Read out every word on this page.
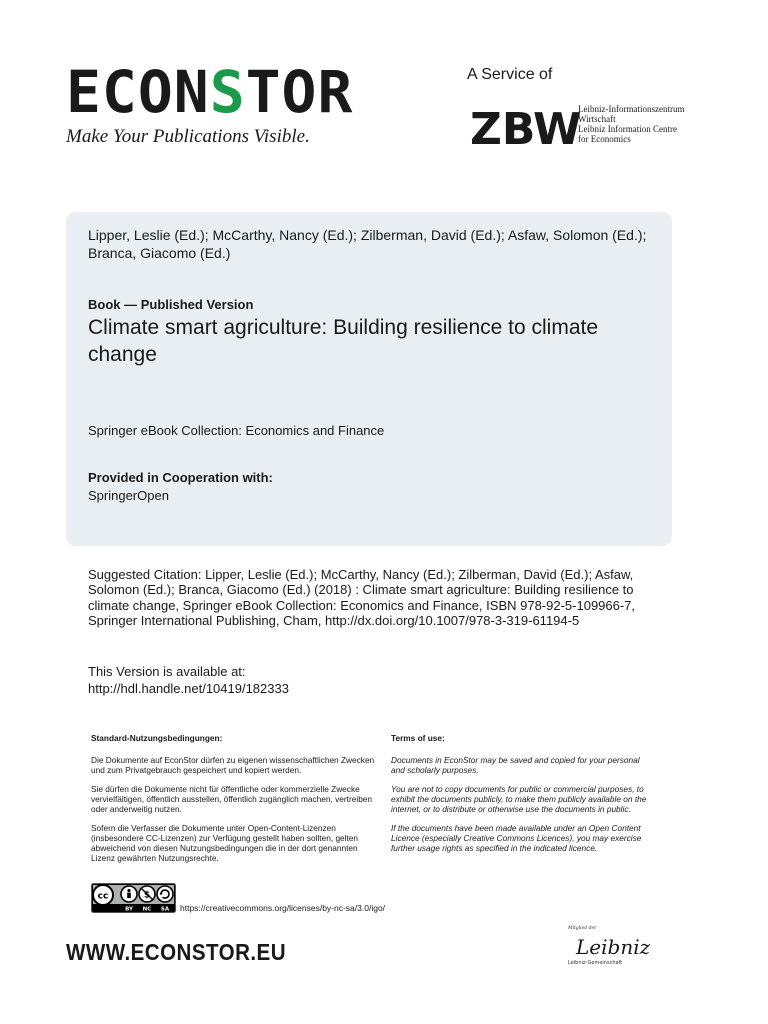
ECONSTOR
Make Your Publications Visible.
A Service of
ZBW
Leibniz-Informationszentrum
Wirtschaft
Leibniz Information Centre
for Economics
Lipper, Leslie (Ed.); McCarthy, Nancy (Ed.); Zilberman, David (Ed.); Asfaw, Solomon (Ed.); Branca, Giacomo (Ed.)
Book — Published Version
Climate smart agriculture: Building resilience to climate change
Springer eBook Collection: Economics and Finance
Provided in Cooperation with:
SpringerOpen
Suggested Citation: Lipper, Leslie (Ed.); McCarthy, Nancy (Ed.); Zilberman, David (Ed.); Asfaw, Solomon (Ed.); Branca, Giacomo (Ed.) (2018) : Climate smart agriculture: Building resilience to climate change, Springer eBook Collection: Economics and Finance, ISBN 978-92-5-109966-7, Springer International Publishing, Cham, http://dx.doi.org/10.1007/978-3-319-61194-5
This Version is available at:
http://hdl.handle.net/10419/182333
Standard-Nutzungsbedingungen:

Die Dokumente auf EconStor dürfen zu eigenen wissenschaftlichen Zwecken und zum Privatgebrauch gespeichert und kopiert werden.

Sie dürfen die Dokumente nicht für öffentliche oder kommerzielle Zwecke vervielfältigen, öffentlich ausstellen, öffentlich zugänglich machen, vertreiben oder anderweitig nutzen.

Sofern die Verfasser die Dokumente unter Open-Content-Lizenzen (insbesondere CC-Lizenzen) zur Verfügung gestellt haben sollten, gelten abweichend von diesen Nutzungsbedingungen die in der dort genannten Lizenz gewährten Nutzungsrechte.

Terms of use:

Documents in EconStor may be saved and copied for your personal and scholarly purposes.

You are not to copy documents for public or commercial purposes, to exhibit the documents publicly, to make them publicly available on the internet, or to distribute or otherwise use the documents in public.

If the documents have been made available under an Open Content Licence (especially Creative Commons Licences), you may exercise further usage rights as specified in the indicated licence.

cc	$
BY NC SA https://creativecommons.org/licenses/by-nc-sa/3.0/igo/
WWW.ECONSTOR.EU
Mitglied der
Leibniz
Leibniz-Gemeinschaft
